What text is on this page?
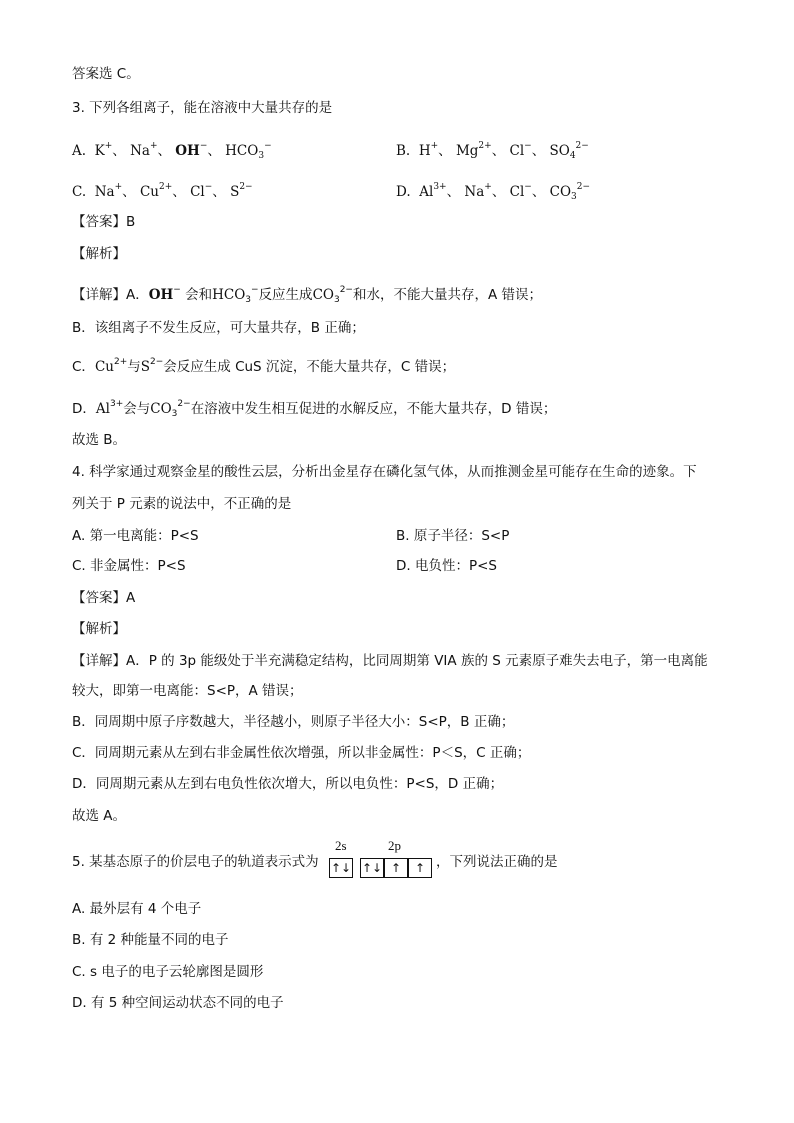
答案选 C。
3. 下列各组离子，能在溶液中大量共存的是
A. K+、 Na+、 OH−、 $HCO_3^-$	B. H+、 $Mg^{2+}$、 Cl−、 $SO_4^{2-}$
C. Na+、 $Cu^{2+}$、 Cl−、 $S^{2-}$	D. $Al^{3+}$、 Na+、 Cl−、 $CO_3^{2-}$
【答案】B
【解析】
【详解】A．OH− 会和$HCO_3^-$反应生成$CO_3^{2-}$和水，不能大量共存，A 错误；
B．该组离子不发生反应，可大量共存，B 正确；
C．$Cu^{2+}$与$S^{2-}$会反应生成 CuS 沉淀，不能大量共存，C 错误；
D．$Al^{3+}$会与$CO_3^{2-}$在溶液中发生相互促进的水解反应，不能大量共存，D 错误；
故选 B。
4. 科学家通过观察金星的酸性云层，分析出金星存在磷化氢气体，从而推测金星可能存在生命的迹象。下
列关于 P 元素的说法中，不正确的是
A. 第一电离能：P<S	B. 原子半径：S<P
C. 非金属性：P<S	D. 电负性：P<S
【答案】A
【解析】
【详解】A．P 的 3p 能级处于半充满稳定结构，比同周期第 VIA 族的 S 元素原子难失去电子，第一电离能
较大，即第一电离能：S<P，A 错误；
B．同周期中原子序数越大，半径越小，则原子半径大小：S<P，B 正确；
C．同周期元素从左到右非金属性依次增强，所以非金属性：P＜S，C 正确；
D．同周期元素从左到右电负性依次增大，所以电负性：P<S，D 正确；
故选 A。
5. 某基态原子的价层电子的轨道表示式为
2s	2p
↑↓ ↑↓ ↑	↑ ，下列说法正确的是
A. 最外层有 4 个电子
B. 有 2 种能量不同的电子
C. s 电子的电子云轮廓图是圆形
D. 有 5 种空间运动状态不同的电子
